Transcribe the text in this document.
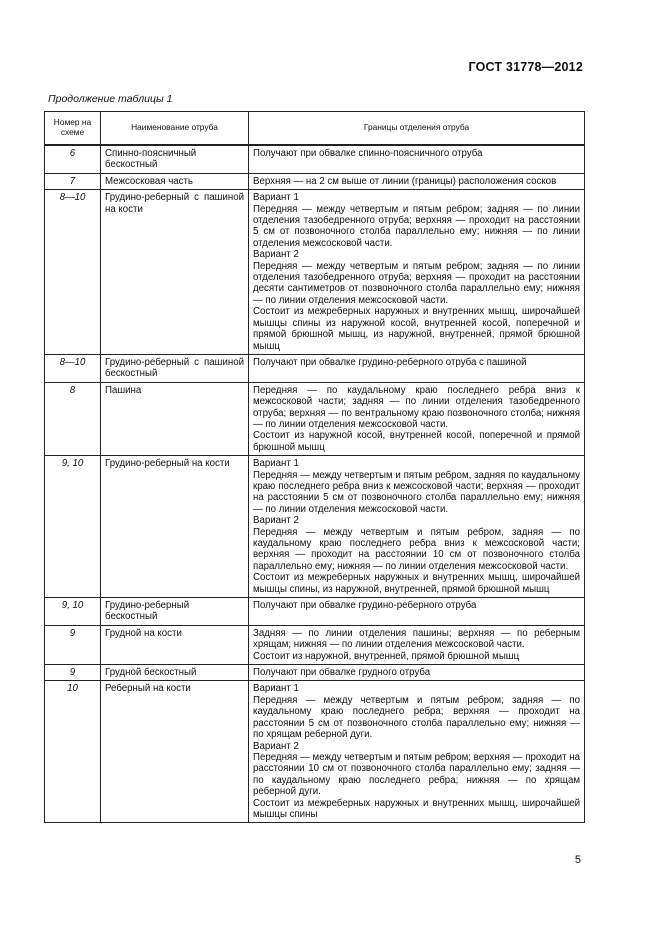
ГОСТ 31778—2012
Продолжение таблицы 1
Номер на схеме	Наименование отруба	Границы отделения отруба
6	Спинно-поясничный бескостный	Получают при обвалке спинно-поясничного отруба

7	Межсосковая часть	Верхняя — на 2 см выше от линии (границы) расположения сосков

8—10	Грудино-реберный с пашиной на кости	Вариант 1
Передняя — между четвертым и пятым ребром; задняя — по линии отделения тазобедренного отруба; верхняя — проходит на расстоянии 5 см от позвоночного столба параллельно ему; нижняя — по линии отделения межсосковой части.
Вариант 2
Передняя — между четвертым и пятым ребром; задняя — по линии отделения тазобедренного отруба; верхняя — проходит на расстоянии десяти сантиметров от позвоночного столба параллельно ему; нижняя — по линии отделения межсосковой части.
Состоит из межреберных наружных и внутренних мышц, широчайшей мышцы спины из наружной косой, внутренней косой, поперечной и прямой брюшной мышц, из наружной, внутренней, прямой брюшной мышц

8—10	Грудино-реберный с пашиной бескостный	Получают при обвалке грудино-реберного отруба с пашиной

8	Пашина	Передняя — по каудальному краю последнего ребра вниз к межсосковой части; задняя — по линии отделения тазобедренного отруба; верхняя — по вентральному краю позвоночного столба; нижняя — по линии отделения межсосковой части.
Состоит из наружной косой, внутренней косой, поперечной и прямой брюшной мышц

9, 10	Грудино-реберный на кости	Вариант 1
Передняя — между четвертым и пятым ребром, задняя по каудальному краю последнего ребра вниз к межсосковой части; верхняя — проходит на расстоянии 5 см от позвоночного столба параллельно ему; нижняя — по линии отделения межсосковой части.
Вариант 2
Передняя — между четвертым и пятым ребром, задняя — по каудальному краю последнего ребра вниз к межсосковой части; верхняя — проходит на расстоянии 10 см от позвоночного столба параллельно ему; нижняя — по линии отделения межсосковой части.
Состоит из межреберных наружных и внутренних мышц, широчайшей мышцы спины, из наружной, внутренней, прямой брюшной мышц

9, 10	Грудино-реберный бескостный	Получают при обвалке грудино-реберного отруба

9	Грудной на кости	Задняя — по линии отделения пашины; верхняя — по реберным хрящам; нижняя — по линии отделения межсосковой части.
Состоит из наружной, внутренней, прямой брюшной мышц

9	Грудной бескостный	Получают при обвалке грудного отруба

10	Реберный на кости	Вариант 1
Передняя — между четвертым и пятым ребром; задняя — по каудальному краю последнего ребра; верхняя — проходит на расстоянии 5 см от позвоночного столба параллельно ему; нижняя — по хрящам реберной дуги.
Вариант 2
Передняя — между четвертым и пятым ребром; верхняя — проходит на расстоянии 10 см от позвоночного столба параллельно ему; задняя — по каудальному краю последнего ребра; нижняя — по хрящам реберной дуги.
Состоит из межреберных наружных и внутренних мышц, широчайшей мышцы спины
5
